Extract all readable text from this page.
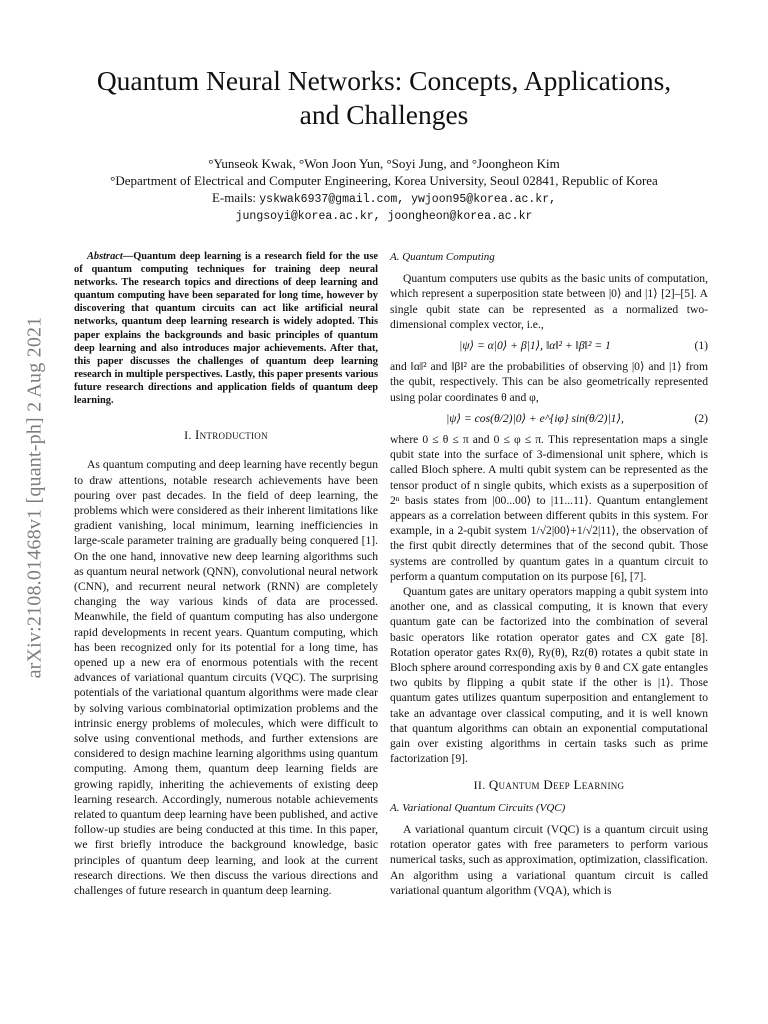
arXiv:2108.01468v1 [quant-ph] 2 Aug 2021
Quantum Neural Networks: Concepts, Applications,
and Challenges
°Yunseok Kwak, °Won Joon Yun, °Soyi Jung, and °Joongheon Kim
°Department of Electrical and Computer Engineering, Korea University, Seoul 02841, Republic of Korea
E-mails: yskwak6937@gmail.com, ywjoon95@korea.ac.kr,
jungsoyi@korea.ac.kr, joongheon@korea.ac.kr

Abstract—Quantum deep learning is a research field for the use of quantum computing techniques for training deep neural networks. The research topics and directions of deep learning and quantum computing have been separated for long time, however by discovering that quantum circuits can act like artificial neural networks, quantum deep learning research is widely adopted. This paper explains the backgrounds and basic principles of quantum deep learning and also introduces major achievements. After that, this paper discusses the challenges of quantum deep learning research in multiple perspectives. Lastly, this paper presents various future research directions and application fields of quantum deep learning.

I. Introduction

As quantum computing and deep learning have recently begun to draw attentions, notable research achievements have been pouring over past decades. In the field of deep learning, the problems which were considered as their inherent limitations like gradient vanishing, local minimum, learning inefficiencies in large-scale parameter training are gradually being conquered [1]. On the one hand, innovative new deep learning algorithms such as quantum neural network (QNN), convolutional neural network (CNN), and recurrent neural network (RNN) are completely changing the way various kinds of data are processed. Meanwhile, the field of quantum computing has also undergone rapid developments in recent years. Quantum computing, which has been recognized only for its potential for a long time, has opened up a new era of enormous potentials with the recent advances of variational quantum circuits (VQC). The surprising potentials of the variational quantum algorithms were made clear by solving various combinatorial optimization problems and the intrinsic energy problems of molecules, which were difficult to solve using conventional methods, and further extensions are considered to design machine learning algorithms using quantum computing. Among them, quantum deep learning fields are growing rapidly, inheriting the achievements of existing deep learning research. Accordingly, numerous notable achievements related to quantum deep learning have been published, and active follow-up studies are being conducted at this time. In this paper, we first briefly introduce the background knowledge, basic principles of quantum deep learning, and look at the current research directions. We then discuss the various directions and challenges of future research in quantum deep learning.

A. Quantum Computing

Quantum computers use qubits as the basic units of computation, which represent a superposition state between |0⟩ and |1⟩ [2]–[5]. A single qubit state can be represented as a normalized two-dimensional complex vector, i.e.,

|ψ⟩ = α|0⟩ + β|1⟩, ‖α‖² + ‖β‖² = 1	(1)

and ‖α‖² and ‖β‖² are the probabilities of observing |0⟩ and |1⟩ from the qubit, respectively. This can be also geometrically represented using polar coordinates θ and φ,

|ψ⟩ = cos(θ/2)|0⟩ + e^{iφ} sin(θ/2)|1⟩,	(2)

where 0 ≤ θ ≤ π and 0 ≤ φ ≤ π. This representation maps a single qubit state into the surface of 3-dimensional unit sphere, which is called Bloch sphere. A multi qubit system can be represented as the tensor product of n single qubits, which exists as a superposition of 2ⁿ basis states from |00...00⟩ to |11...11⟩. Quantum entanglement appears as a correlation between different qubits in this system. For example, in a 2-qubit system 1/√2|00⟩+1/√2|11⟩, the observation of the first qubit directly determines that of the second qubit. Those systems are controlled by quantum gates in a quantum circuit to perform a quantum computation on its purpose [6], [7].

Quantum gates are unitary operators mapping a qubit system into another one, and as classical computing, it is known that every quantum gate can be factorized into the combination of several basic operators like rotation operator gates and CX gate [8]. Rotation operator gates Rx(θ), Ry(θ), Rz(θ) rotates a qubit state in Bloch sphere around corresponding axis by θ and CX gate entangles two qubits by flipping a qubit state if the other is |1⟩. Those quantum gates utilizes quantum superposition and entanglement to take an advantage over classical computing, and it is well known that quantum algorithms can obtain an exponential computational gain over existing algorithms in certain tasks such as prime factorization [9].

II. Quantum Deep Learning
A. Variational Quantum Circuits (VQC)

A variational quantum circuit (VQC) is a quantum circuit using rotation operator gates with free parameters to perform various numerical tasks, such as approximation, optimization, classification. An algorithm using a variational quantum circuit is called variational quantum algorithm (VQA), which is
